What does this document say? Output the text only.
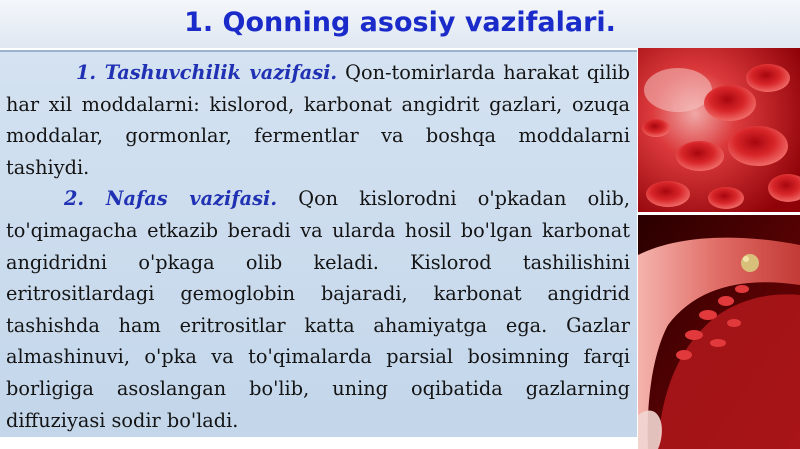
1. Qonning asosiy vazifalari.

1. Tashuvchilik vazifasi. Qon-tomirlarda harakat qilib har xil moddalarni: kislorod, karbonat angidrit gazlari, ozuqa moddalar, gormonlar, fermentlar va boshqa moddalarni tashiydi.

2. Nafas vazifasi. Qon kislorodni o'pkadan olib, to'qimagacha etkazib beradi va ularda hosil bo'lgan karbonat angidridni o'pkaga olib keladi. Kislorod tashilishini eritrositlardagi gemoglobin bajaradi, karbonat angidrid tashishda ham eritrositlar katta ahamiyatga ega. Gazlar almashinuvi, o'pka va to'qimalarda parsial bosimning farqi borligiga asoslangan bo'lib, uning oqibatida gazlarning diffuziyasi sodir bo'ladi.
